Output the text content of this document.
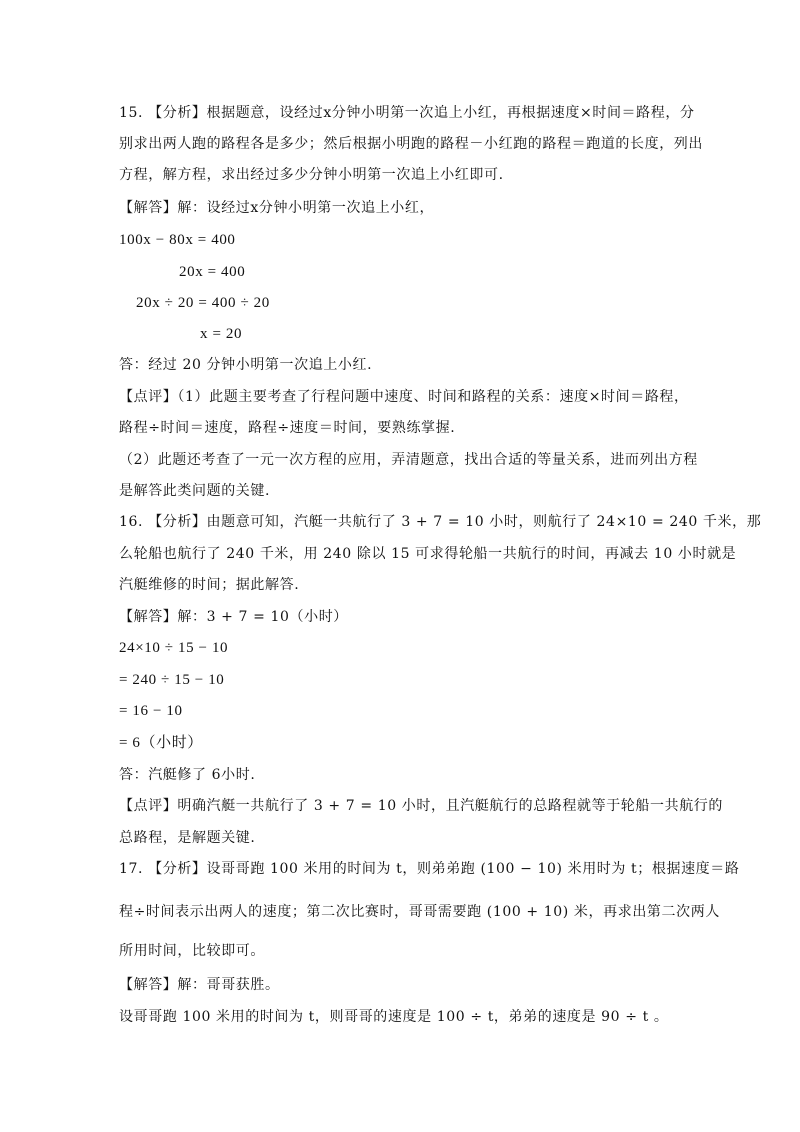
15. 【分析】根据题意，设经过x分钟小明第一次追上小红，再根据速度×时间＝路程，分
别求出两人跑的路程各是多少；然后根据小明跑的路程－小红跑的路程＝跑道的长度，列出
方程，解方程，求出经过多少分钟小明第一次追上小红即可.
【解答】解：设经过x分钟小明第一次追上小红，
100x − 80x = 400
20x = 400
20x ÷ 20 = 400 ÷ 20
x = 20
答：经过 20 分钟小明第一次追上小红.
【点评】（1）此题主要考查了行程问题中速度、时间和路程的关系：速度×时间＝路程，
路程÷时间＝速度，路程÷速度＝时间，要熟练掌握.
（2）此题还考查了一元一次方程的应用，弄清题意，找出合适的等量关系，进而列出方程
是解答此类问题的关键.
16. 【分析】由题意可知，汽艇一共航行了 3 + 7 = 10 小时，则航行了 24×10 = 240 千米，那
么轮船也航行了 240 千米，用 240 除以 15 可求得轮船一共航行的时间，再减去 10 小时就是
汽艇维修的时间；据此解答.
【解答】解：3 + 7 = 10（小时）
24×10 ÷ 15 − 10
= 240 ÷ 15 − 10
= 16 − 10
= 6（小时）
答：汽艇修了 6小时.
【点评】明确汽艇一共航行了 3 + 7 = 10 小时，且汽艇航行的总路程就等于轮船一共航行的
总路程，是解题关键.
17. 【分析】设哥哥跑 100 米用的时间为 t，则弟弟跑 (100 − 10) 米用时为 t；根据速度＝路
程÷时间表示出两人的速度；第二次比赛时，哥哥需要跑 (100 + 10) 米，再求出第二次两人
所用时间，比较即可。
【解答】解：哥哥获胜。
设哥哥跑 100 米用的时间为 t，则哥哥的速度是 100 ÷ t，弟弟的速度是 90 ÷ t 。
